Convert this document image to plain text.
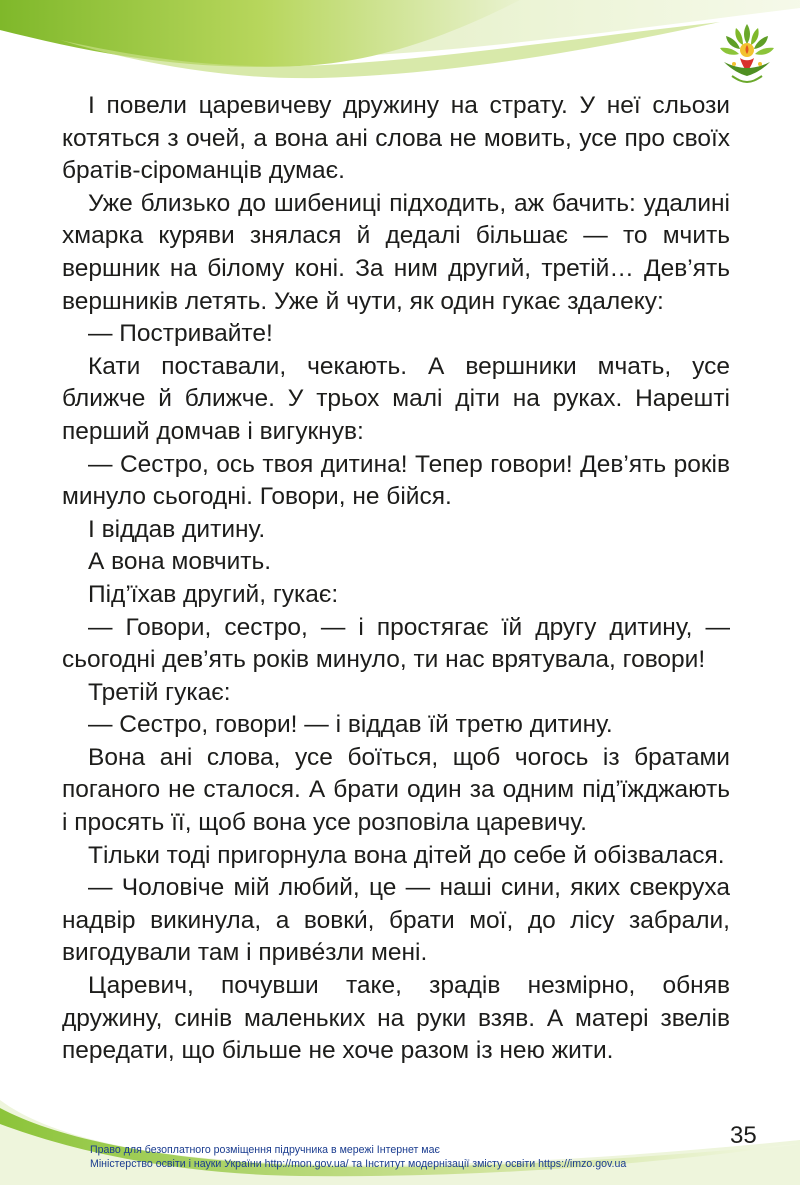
І повели царевичеву дружину на страту. У неї сльози котяться з очей, а вона ані слова не мовить, усе про своїх братів-сіроманців думає.

Уже близько до шибениці підходить, аж бачить: удалині хмарка куряви знялася й дедалі більшає — то мчить вершник на білому коні. За ним другий, третій… Дев’ять вершників летять. Уже й чути, як один гукає здалеку:

— Постривайте!

Кати поставали, чекають. А вершники мчать, усе ближче й ближче. У трьох малі діти на руках. Нарешті перший домчав і вигукнув:

— Сестро, ось твоя дитина! Тепер говори! Дев’ять років минуло сьогодні. Говори, не бійся.

І віддав дитину.

А вона мовчить.

Під’їхав другий, гукає:

— Говори, сестро, — і простягає їй другу дитину, — сьогодні дев’ять років минуло, ти нас врятувала, говори!

Третій гукає:

— Сестро, говори! — і віддав їй третю дитину.

Вона ані слова, усе боїться, щоб чогось із братами поганого не сталося. А брати один за одним під’їжджають і просять її, щоб вона усе розповіла царевичу.

Тільки тоді пригорнула вона дітей до себе й обізвалася.

— Чоловіче мій любий, це — наші сини, яких свекруха надвір викинула, а вовки́, брати мої, до лісу забрали, вигодували там і приве́зли мені.

Царевич, почувши таке, зрадів незмірно, обняв дружину, синів маленьких на руки взяв. А матері звелів передати, що більше не хоче разом із нею жити.

35
Право для безоплатного розміщення підручника в мережі Інтернет має
Міністерство освіти і науки України http://mon.gov.ua/ та Інститут модернізації змісту освіти https://imzo.gov.ua
